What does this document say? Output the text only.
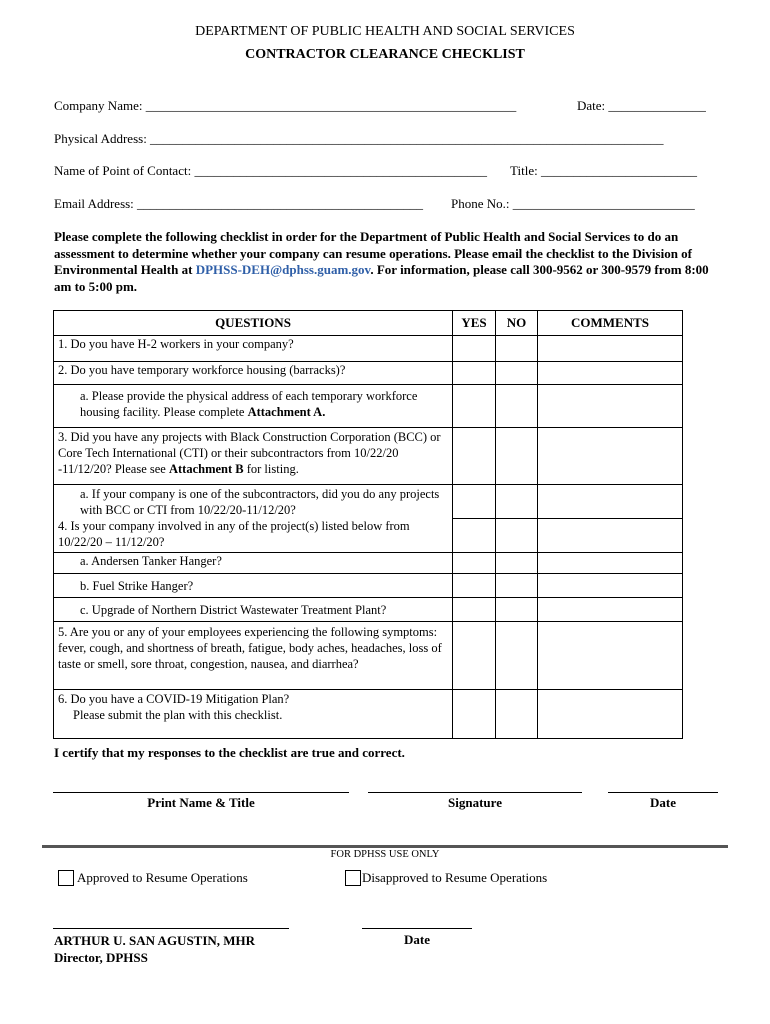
DEPARTMENT OF PUBLIC HEALTH AND SOCIAL SERVICES
CONTRACTOR CLEARANCE CHECKLIST
Company Name: _________________________________________________________	Date: _______________
Physical Address: _______________________________________________________________________________
Name of Point of Contact: _____________________________________________ Title: ________________________
Email Address: ____________________________________________ Phone No.: ____________________________
Please complete the following checklist in order for the Department of Public Health and Social Services to do an assessment to determine whether your company can resume operations. Please email the checklist to the Division of Environmental Health at DPHSS-DEH@dphss.guam.gov. For information, please call 300-9562 or 300-9579 from 8:00 am to 5:00 pm.
QUESTIONS	YES	NO	COMMENTS
1. Do you have H-2 workers in your company?			
2. Do you have temporary workforce housing (barracks)?			
a. Please provide the physical address of each temporary workforce housing facility. Please complete Attachment A.			
3. Did you have any projects with Black Construction Corporation (BCC) or Core Tech International (CTI) or their subcontractors from 10/22/20 -11/12/20? Please see Attachment B for listing.			
a. If your company is one of the subcontractors, did you do any projects with BCC or CTI from 10/22/20-11/12/20?			
4. Is your company involved in any of the project(s) listed below from 10/22/20 – 11/12/20?			
a. Andersen Tanker Hanger?			
b. Fuel Strike Hanger?			
c. Upgrade of Northern District Wastewater Treatment Plant?			
5. Are you or any of your employees experiencing the following symptoms: fever, cough, and shortness of breath, fatigue, body aches, headaches, loss of taste or smell, sore throat, congestion, nausea, and diarrhea?			

6. Do you have a COVID-19 Mitigation Plan?
Please submit the plan with this checklist.			

I certify that my responses to the checklist are true and correct.
Print Name & Title	Signature	Date
FOR DPHSS USE ONLY
Approved to Resume Operations	Disapproved to Resume Operations
ARTHUR U. SAN AGUSTIN, MHR
Director, DPHSS
Date
